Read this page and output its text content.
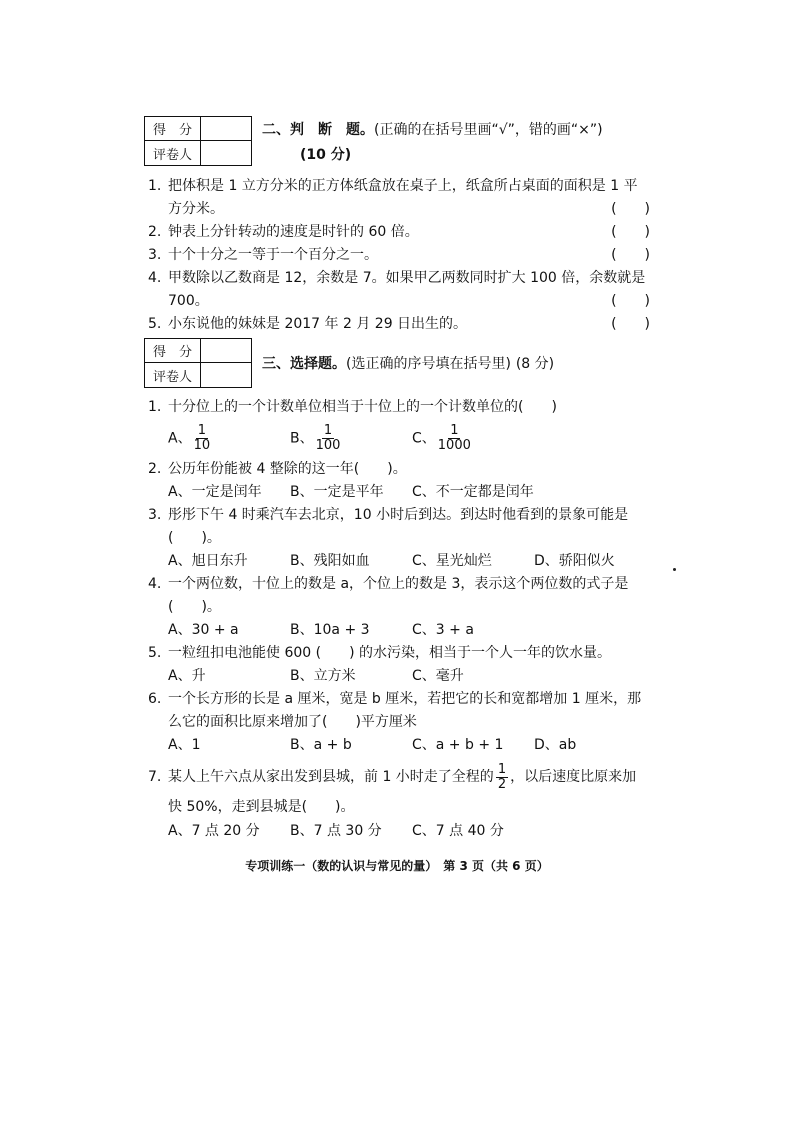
得　分
评卷人
二、判　断　题。(正确的在括号里画“√”，错的画“×”)
(10 分)
1. 把体积是 1 立方分米的正方体纸盒放在桌子上，纸盒所占桌面的面积是 1 平
方分米。	(　　)
2. 钟表上分针转动的速度是时针的 60 倍。	(　　)
3. 十个十分之一等于一个百分之一。	(　　)
4. 甲数除以乙数商是 12，余数是 7。如果甲乙两数同时扩大 100 倍，余数就是
700。	(　　)
5. 小东说他的妹妹是 2017 年 2 月 29 日出生的。	(　　)
得　分
评卷人
三、选择题。(选正确的序号填在括号里) (8 分)
1. 十分位上的一个计数单位相当于十位上的一个计数单位的(　　)
A、 $\frac{1}{10}$	B、 $\frac{1}{100}$	C、 $\frac{1}{1000}$
2. 公历年份能被 4 整除的这一年(　　)。
A、一定是闰年 B、一定是平年 C、不一定都是闰年
3. 彤彤下午 4 时乘汽车去北京，10 小时后到达。到达时他看到的景象可能是
(　　)。
A、旭日东升	B、残阳如血	C、星光灿烂	D、骄阳似火
4. 一个两位数，十位上的数是 a，个位上的数是 3，表示这个两位数的式子是
(　　)。
A、30 + a	B、10a + 3	C、3 + a
5. 一粒纽扣电池能使 600 (　　) 的水污染，相当于一个人一年的饮水量。
A、升	B、立方米	C、毫升
6. 一个长方形的长是 a 厘米，宽是 b 厘米，若把它的长和宽都增加 1 厘米，那
么它的面积比原来增加了(　　)平方厘米
A、1	B、a + b	C、a + b + 1 D、ab
7. 某人上午六点从家出发到县城，前 1 小时走了全程的 $\frac{1}{2}$ ，以后速度比原来加
快 50%，走到县城是(　　)。
A、7 点 20 分 B、7 点 30 分 C、7 点 40 分
专项训练一（数的认识与常见的量）　第 3 页（共 6 页）
